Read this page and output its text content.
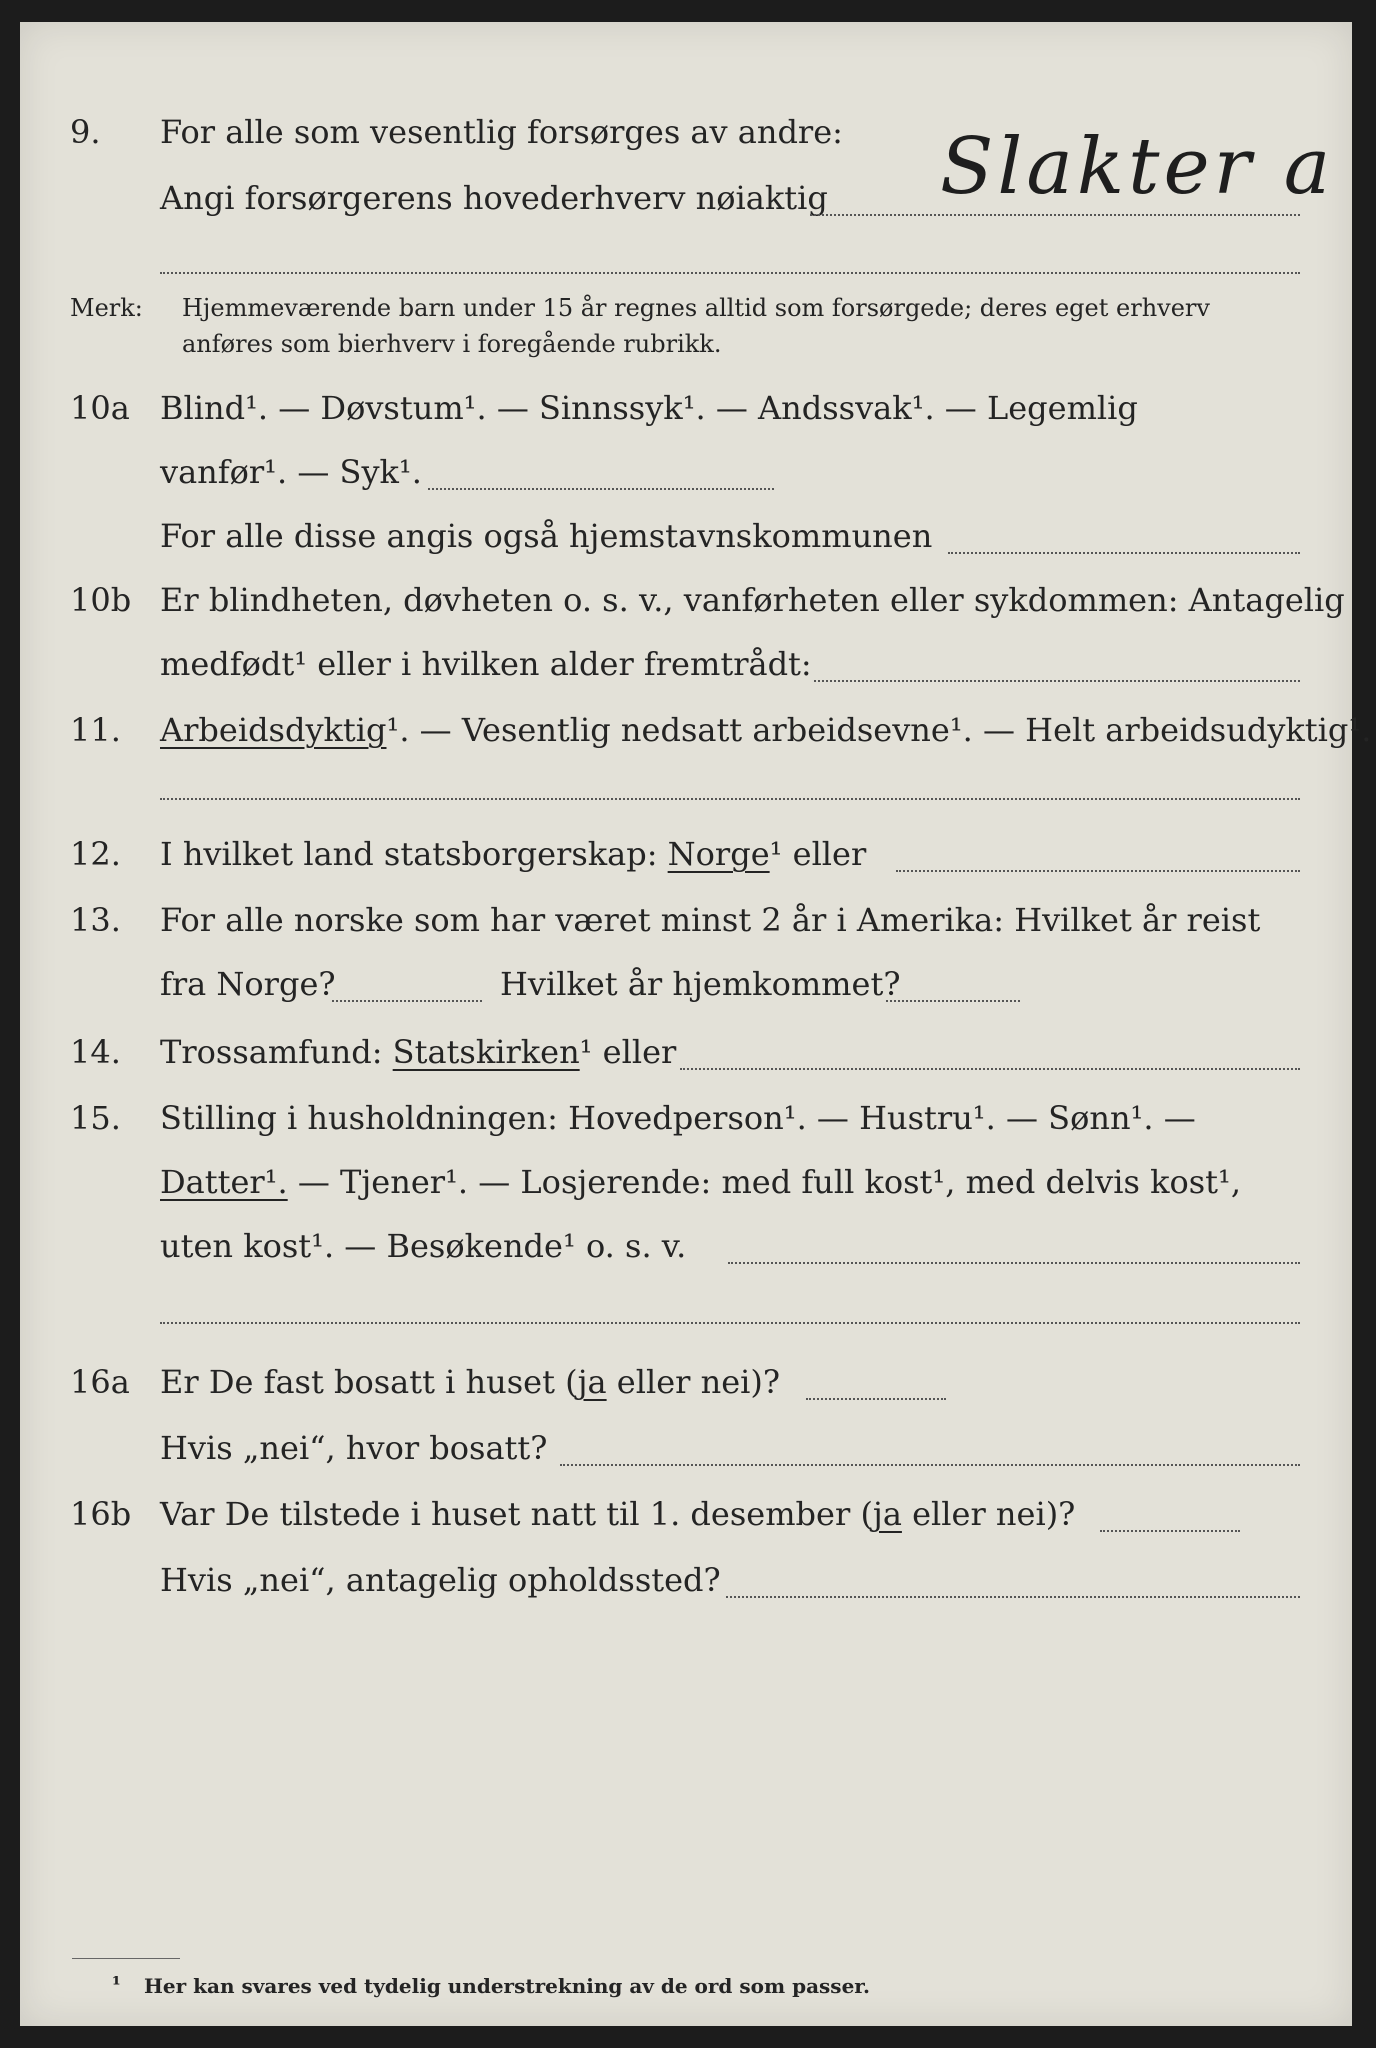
9. For alle som vesentlig forsørges av andre:
Angi forsørgerens hovederhverv nøiaktig Slakter a
Merk: Hjemmeværende barn under 15 år regnes alltid som forsørgede; deres eget erhverv
anføres som bierhverv i foregående rubrikk.
10a Blind¹. — Døvstum¹. — Sinnssyk¹. — Andssvak¹. — Legemlig
vanfør¹. — Syk¹.
For alle disse angis også hjemstavnskommunen
10b Er blindheten, døvheten o. s. v., vanførheten eller sykdommen: Antagelig
medfødt¹ eller i hvilken alder fremtrådt:
11. Arbeidsdyktig¹. — Vesentlig nedsatt arbeidsevne¹. — Helt arbeidsudyktig¹.
12. I hvilket land statsborgerskap: Norge¹ eller
13. For alle norske som har været minst 2 år i Amerika: Hvilket år reist
fra Norge?	Hvilket år hjemkommet?
14. Trossamfund: Statskirken¹ eller
15. Stilling i husholdningen: Hovedperson¹. — Hustru¹. — Sønn¹. —
Datter¹. — Tjener¹. — Losjerende: med full kost¹, med delvis kost¹,
uten kost¹. — Besøkende¹ o. s. v.
16a Er De fast bosatt i huset (ja eller nei)?
Hvis „nei“, hvor bosatt?
16b Var De tilstede i huset natt til 1. desember (ja eller nei)?
Hvis „nei“, antagelig opholdssted?
¹ Her kan svares ved tydelig understrekning av de ord som passer.
